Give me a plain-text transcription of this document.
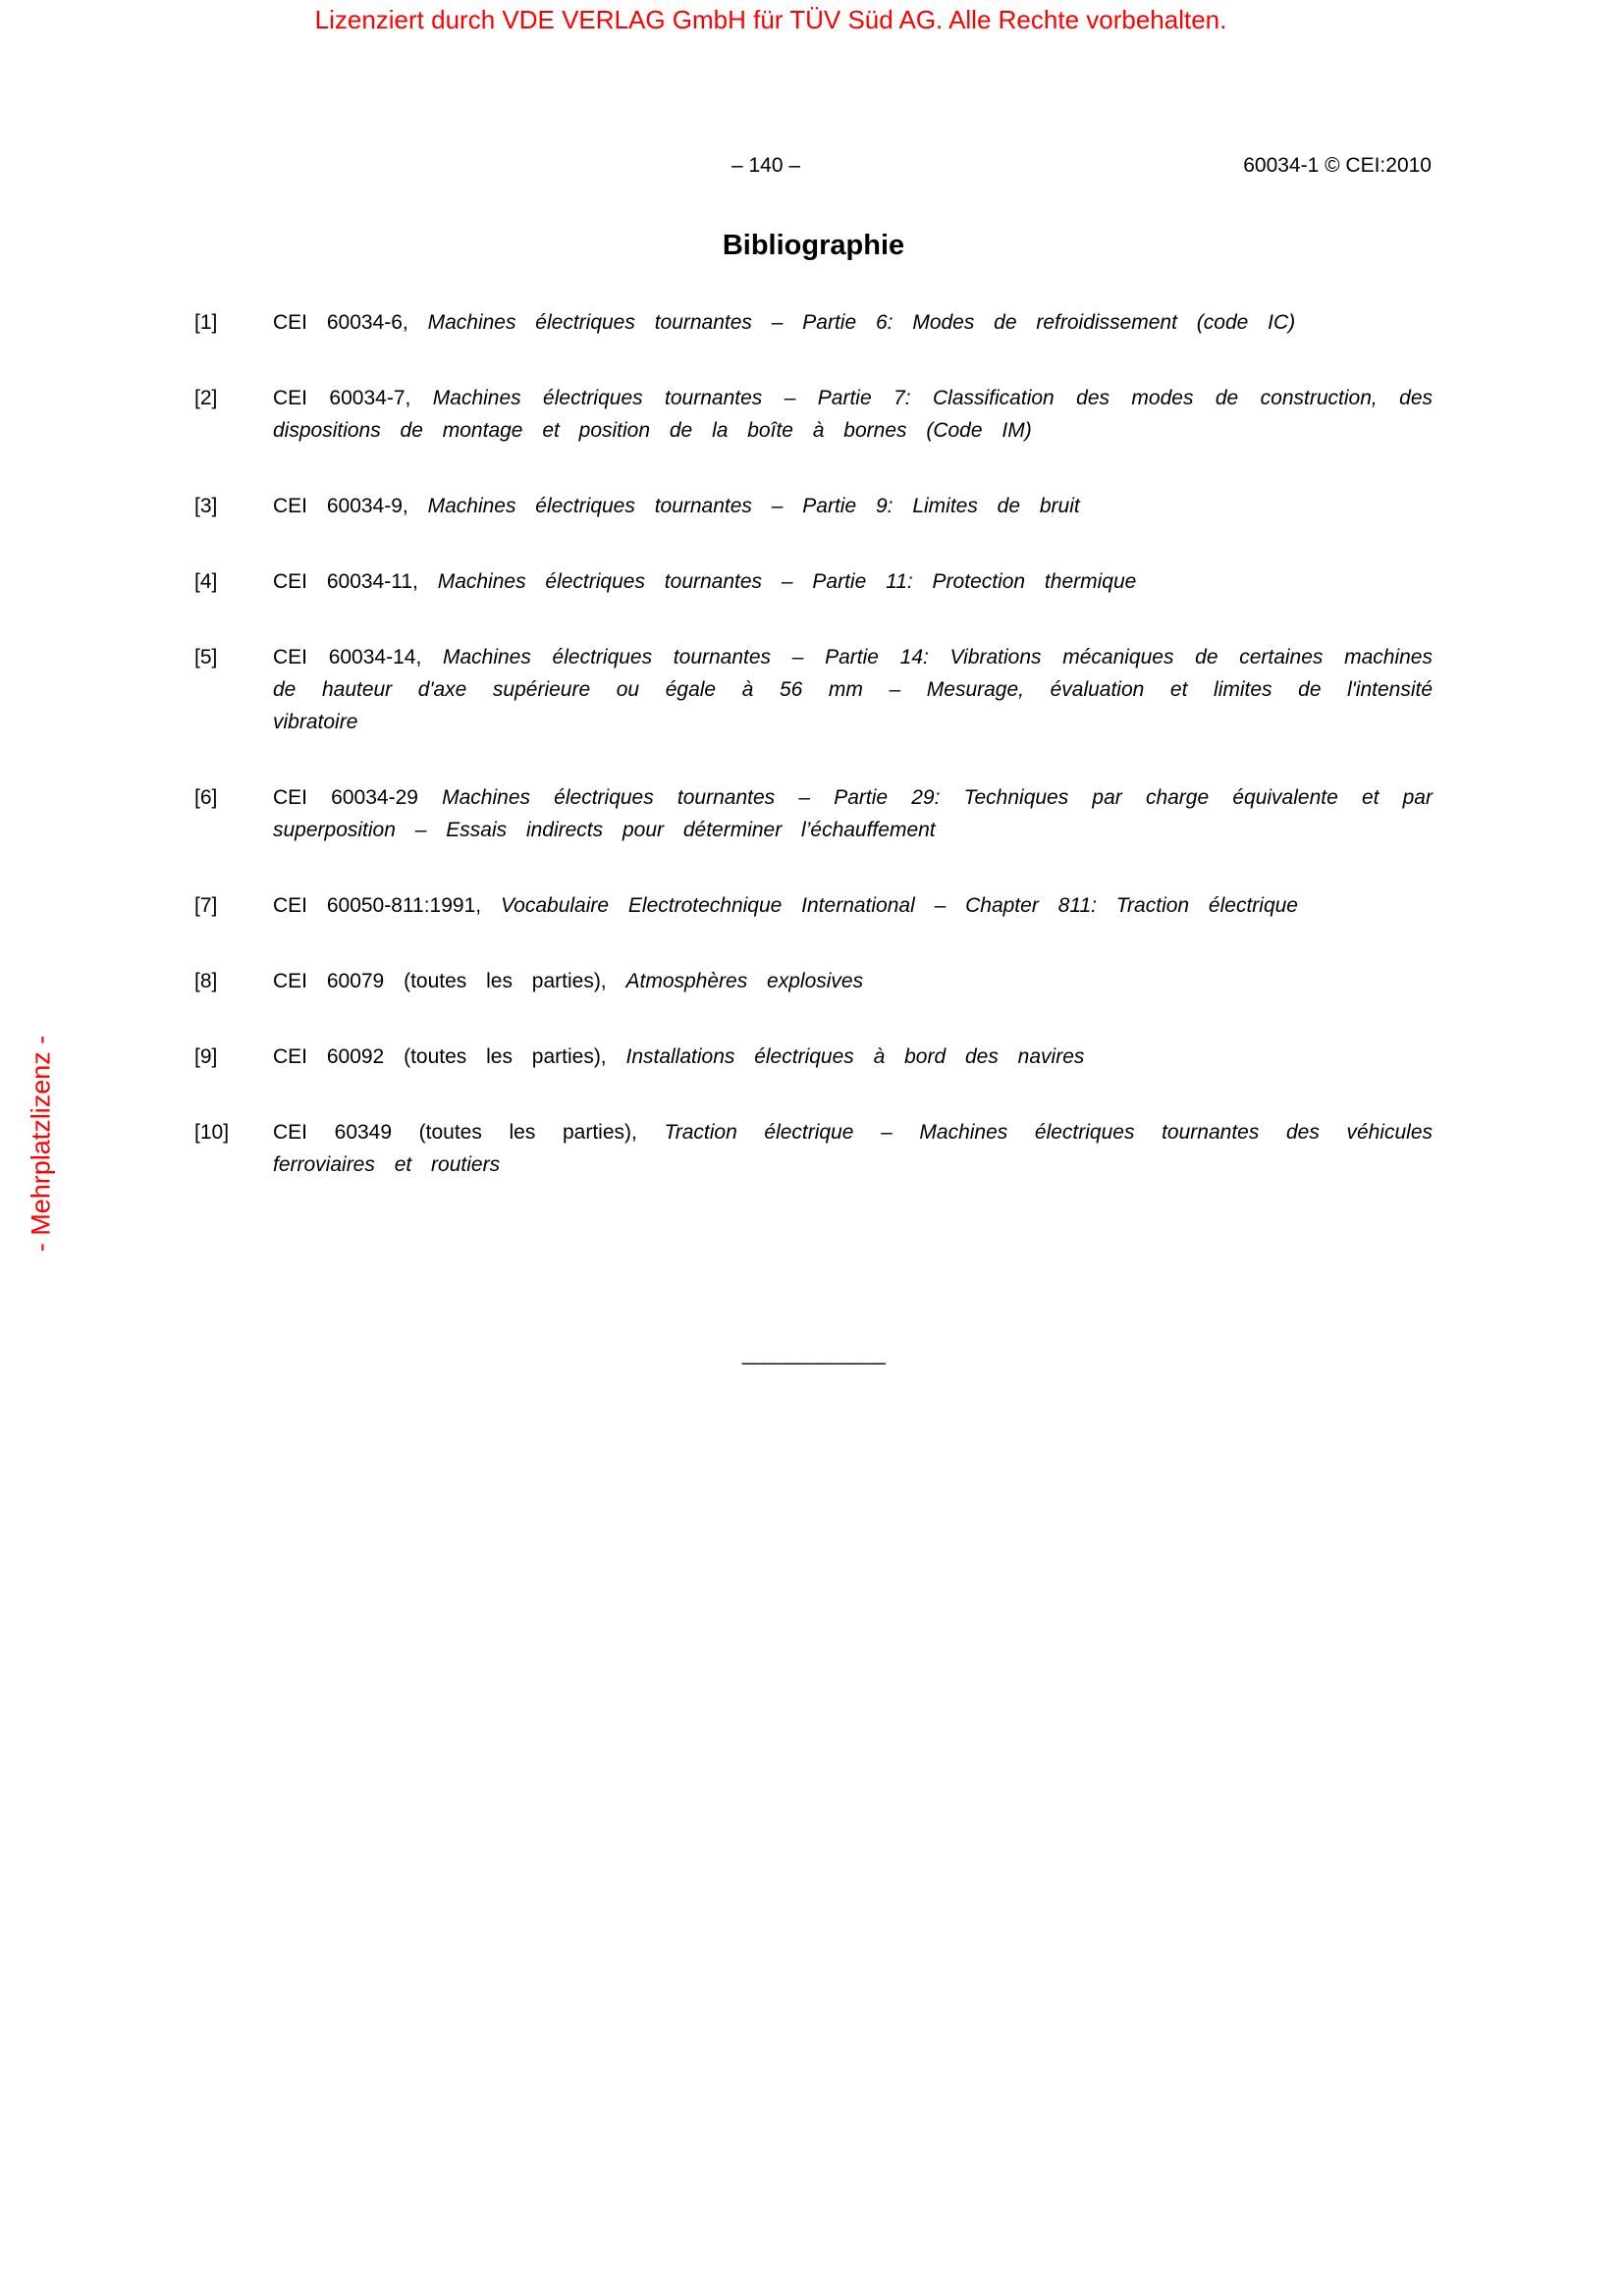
Lizenziert durch VDE VERLAG GmbH für TÜV Süd AG. Alle Rechte vorbehalten.
- Mehrplatzlizenz -
– 140 –	60034-1 © CEI:2010
Bibliographie
[1]	CEI 60034-6, Machines électriques tournantes – Partie 6: Modes de refroidissement (code IC)

[2]	CEI 60034-7, Machines électriques tournantes – Partie 7: Classification des modes de construction, des dispositions de montage et position de la boîte à bornes (Code IM)

[3]	CEI 60034-9, Machines électriques tournantes – Partie 9: Limites de bruit

[4]	CEI 60034-11, Machines électriques tournantes – Partie 11: Protection thermique

[5]	CEI 60034-14, Machines électriques tournantes – Partie 14: Vibrations mécaniques de certaines machines de hauteur d'axe supérieure ou égale à 56 mm – Mesurage, évaluation et limites de l'intensité vibratoire

[6]	CEI 60034-29 Machines électriques tournantes – Partie 29: Techniques par charge équivalente et par superposition – Essais indirects pour déterminer l’échauffement

[7]	CEI 60050-811:1991, Vocabulaire Electrotechnique International – Chapter 811: Traction électrique

[8]	CEI 60079 (toutes les parties), Atmosphères explosives

[9]	CEI 60092 (toutes les parties), Installations électriques à bord des navires

[10]	CEI 60349 (toutes les parties), Traction électrique – Machines électriques tournantes des véhicules ferroviaires et routiers

_____________
